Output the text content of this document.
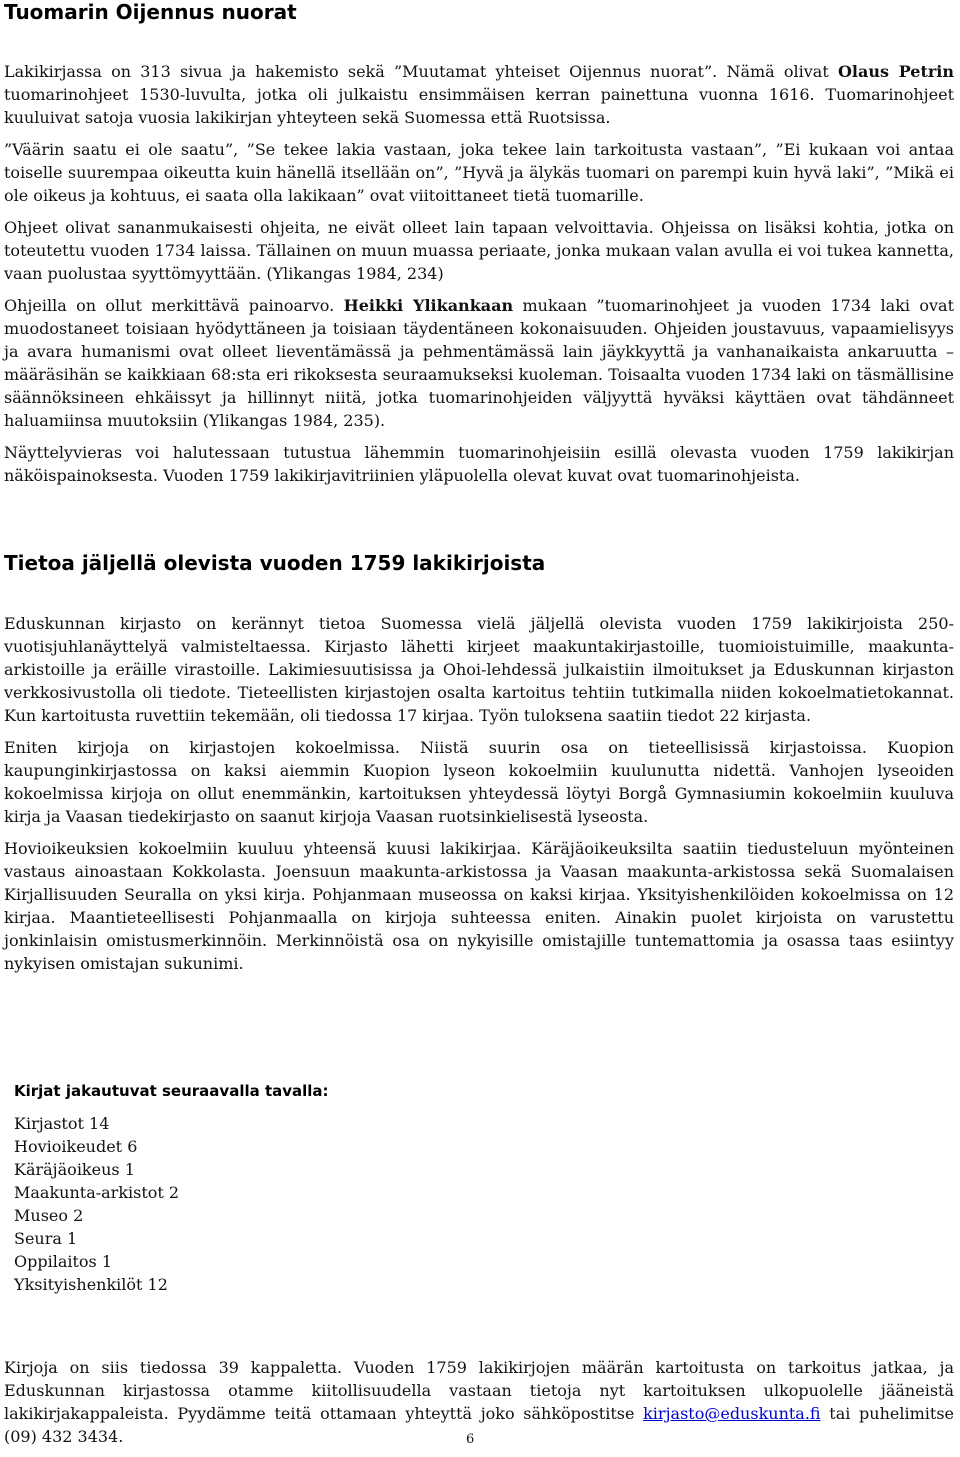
Tuomarin Oijennus nuorat

Lakikirjassa on 313 sivua ja hakemisto sekä ”Muutamat yhteiset Oijennus nuorat”. Nämä olivat Olaus Petrin tuomarinohjeet 1530-luvulta, jotka oli julkaistu ensimmäisen kerran painettuna vuonna 1616. Tuomarinohjeet kuuluivat satoja vuosia lakikirjan yhteyteen sekä Suomessa että Ruotsissa.

”Väärin saatu ei ole saatu”, ”Se tekee lakia vastaan, joka tekee lain tarkoitusta vastaan”, ”Ei kukaan voi antaa toiselle suurempaa oikeutta kuin hänellä itsellään on”, ”Hyvä ja älykäs tuomari on parempi kuin hyvä laki”, ”Mikä ei ole oikeus ja kohtuus, ei saata olla lakikaan” ovat viitoittaneet tietä tuomarille.

Ohjeet olivat sananmukaisesti ohjeita, ne eivät olleet lain tapaan velvoittavia. Ohjeissa on lisäksi kohtia, jotka on toteutettu vuoden 1734 laissa. Tällainen on muun muassa periaate, jonka mukaan valan avulla ei voi tukea kannetta, vaan puolustaa syyttömyyttään. (Ylikangas 1984, 234)

Ohjeilla on ollut merkittävä painoarvo. Heikki Ylikankaan mukaan ”tuomarinohjeet ja vuoden 1734 laki ovat muodostaneet toisiaan hyödyttäneen ja toisiaan täydentäneen kokonaisuuden. Ohjeiden joustavuus, vapaamielisyys ja avara humanismi ovat olleet lieventämässä ja pehmentämässä lain jäykkyyttä ja vanhanaikaista ankaruutta – määräsihän se kaikkiaan 68:sta eri rikoksesta seuraamukseksi kuoleman. Toisaalta vuoden 1734 laki on täsmällisine säännöksineen ehkäissyt ja hillinnyt niitä, jotka tuomarinohjeiden väljyyttä hyväksi käyttäen ovat tähdänneet haluamiinsa muutoksiin (Ylikangas 1984, 235).

Näyttelyvieras voi halutessaan tutustua lähemmin tuomarinohjeisiin esillä olevasta vuoden 1759 lakikirjan näköispainoksesta. Vuoden 1759 lakikirjavitriinien yläpuolella olevat kuvat ovat tuomarinohjeista.

Tietoa jäljellä olevista vuoden 1759 lakikirjoista

Eduskunnan kirjasto on kerännyt tietoa Suomessa vielä jäljellä olevista vuoden 1759 lakikirjoista 250-vuotisjuhlanäyttelyä valmisteltaessa. Kirjasto lähetti kirjeet maakuntakirjastoille, tuomioistuimille, maakunta-arkistoille ja eräille virastoille. Lakimiesuutisissa ja Ohoi-lehdessä julkaistiin ilmoitukset ja Eduskunnan kirjaston verkkosivustolla oli tiedote. Tieteellisten kirjastojen osalta kartoitus tehtiin tutkimalla niiden kokoelmatietokannat. Kun kartoitusta ruvettiin tekemään, oli tiedossa 17 kirjaa. Työn tuloksena saatiin tiedot 22 kirjasta.

Eniten kirjoja on kirjastojen kokoelmissa. Niistä suurin osa on tieteellisissä kirjastoissa. Kuopion kaupunginkirjastossa on kaksi aiemmin Kuopion lyseon kokoelmiin kuulunutta nidettä. Vanhojen lyseoiden kokoelmissa kirjoja on ollut enemmänkin, kartoituksen yhteydessä löytyi Borgå Gymnasiumin kokoelmiin kuuluva kirja ja Vaasan tiedekirjasto on saanut kirjoja Vaasan ruotsinkielisestä lyseosta.

Hovioikeuksien kokoelmiin kuuluu yhteensä kuusi lakikirjaa. Käräjäoikeuksilta saatiin tiedusteluun myönteinen vastaus ainoastaan Kokkolasta. Joensuun maakunta-arkistossa ja Vaasan maakunta-arkistossa sekä Suomalaisen Kirjallisuuden Seuralla on yksi kirja. Pohjanmaan museossa on kaksi kirjaa. Yksityishenkilöiden kokoelmissa on 12 kirjaa. Maantieteellisesti Pohjanmaalla on kirjoja suhteessa eniten. Ainakin puolet kirjoista on varustettu jonkinlaisin omistusmerkinnöin. Merkinnöistä osa on nykyisille omistajille tuntemattomia ja osassa taas esiintyy nykyisen omistajan sukunimi.

Kirjat jakautuvat seuraavalla tavalla:
Kirjastot 14
Hovioikeudet 6
Käräjäoikeus 1
Maakunta-arkistot 2
Museo 2
Seura 1
Oppilaitos 1
Yksityishenkilöt 12

Kirjoja on siis tiedossa 39 kappaletta. Vuoden 1759 lakikirjojen määrän kartoitusta on tarkoitus jatkaa, ja Eduskunnan kirjastossa otamme kiitollisuudella vastaan tietoja nyt kartoituksen ulkopuolelle jääneistä lakikirjakappaleista. Pyydämme teitä ottamaan yhteyttä joko sähköpostitse kirjasto@eduskunta.fi tai puhelimitse (09) 432 3434.	6
